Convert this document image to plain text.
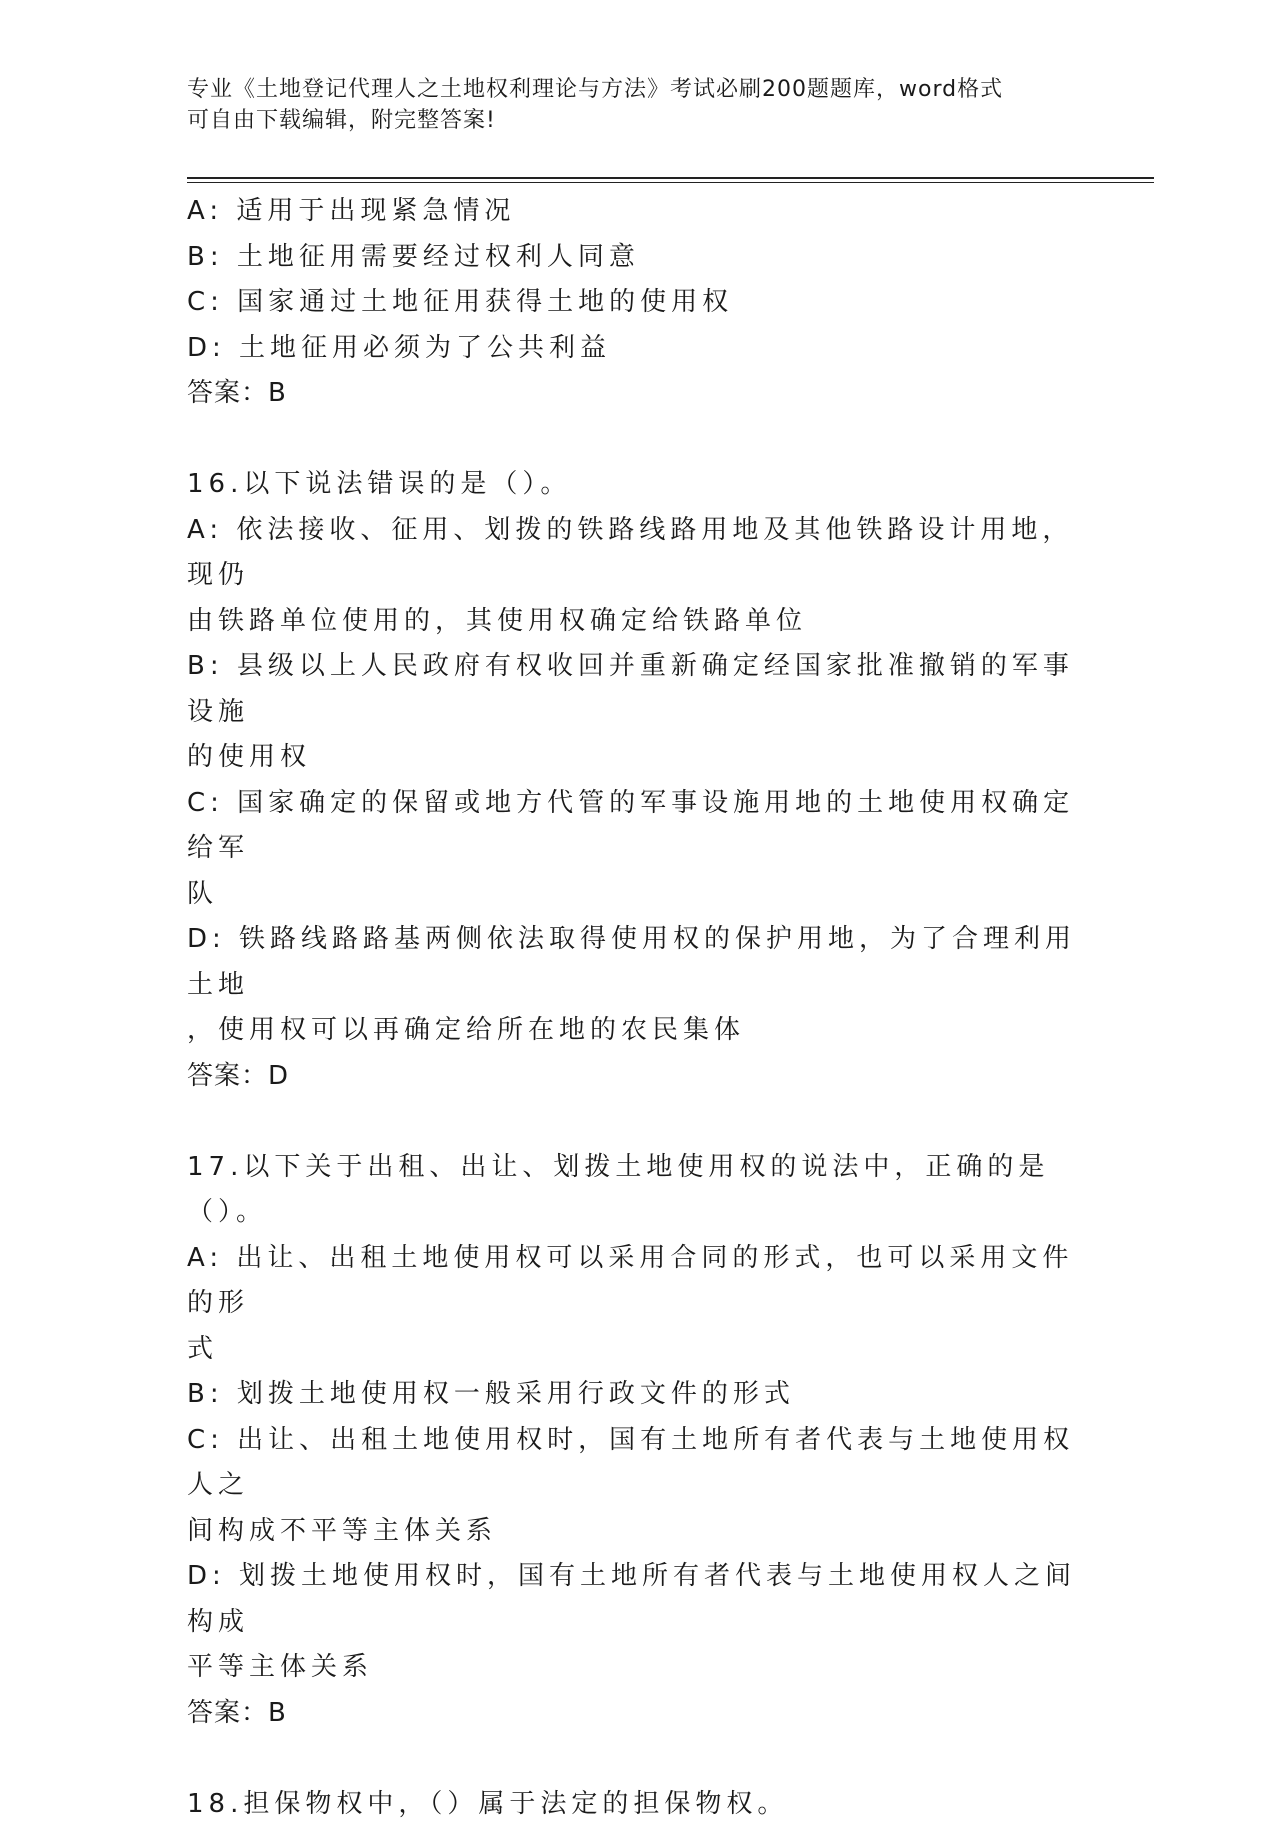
专业《土地登记代理人之土地权利理论与方法》考试必刷200题题库，word格式
可自由下载编辑，附完整答案!
A: 适用于出现紧急情况
B: 土地征用需要经过权利人同意
C: 国家通过土地征用获得土地的使用权
D: 土地征用必须为了公共利益
答案：B
16.以下说法错误的是（）。
A: 依法接收、征用、划拨的铁路线路用地及其他铁路设计用地，现仍
由铁路单位使用的，其使用权确定给铁路单位
B: 县级以上人民政府有权收回并重新确定经国家批准撤销的军事设施
的使用权
C: 国家确定的保留或地方代管的军事设施用地的土地使用权确定给军
队
D: 铁路线路路基两侧依法取得使用权的保护用地，为了合理利用土地
，使用权可以再确定给所在地的农民集体
答案：D
17.以下关于出租、出让、划拨土地使用权的说法中，正确的是（）。
A: 出让、出租土地使用权可以采用合同的形式，也可以采用文件的形
式
B: 划拨土地使用权一般采用行政文件的形式
C: 出让、出租土地使用权时，国有土地所有者代表与土地使用权人之
间构成不平等主体关系
D: 划拨土地使用权时，国有土地所有者代表与土地使用权人之间构成
平等主体关系
答案：B
18.担保物权中，（）属于法定的担保物权。
